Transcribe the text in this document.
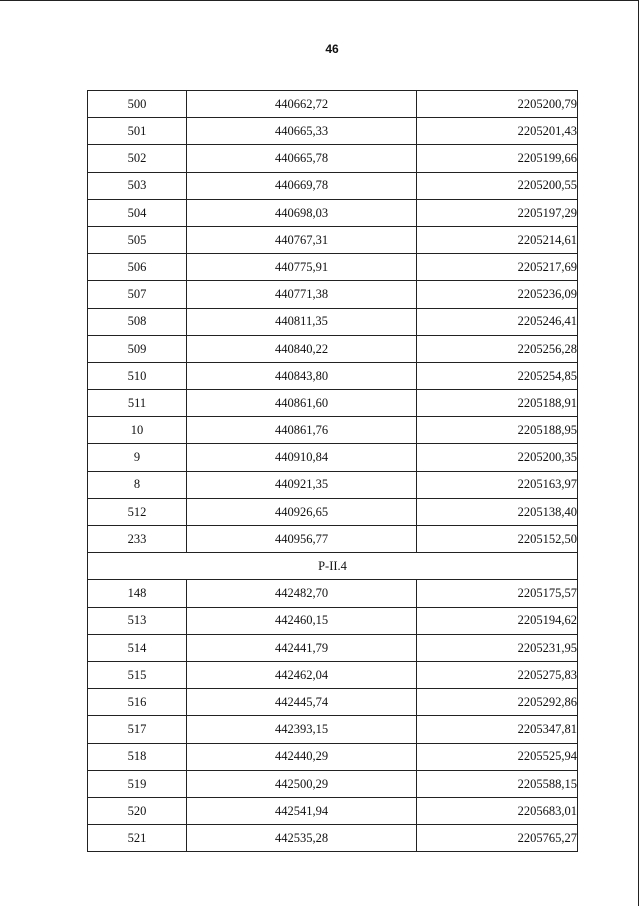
46
500	440662,72	2205200,79
501	440665,33	2205201,43
502	440665,78	2205199,66
503	440669,78	2205200,55
504	440698,03	2205197,29
505	440767,31	2205214,61
506	440775,91	2205217,69
507	440771,38	2205236,09
508	440811,35	2205246,41
509	440840,22	2205256,28
510	440843,80	2205254,85
511	440861,60	2205188,91
10	440861,76	2205188,95
9	440910,84	2205200,35
8	440921,35	2205163,97
512	440926,65	2205138,40
233	440956,77	2205152,50
Р-II.4		
148	442482,70	2205175,57
513	442460,15	2205194,62
514	442441,79	2205231,95
515	442462,04	2205275,83
516	442445,74	2205292,86
517	442393,15	2205347,81
518	442440,29	2205525,94
519	442500,29	2205588,15
520	442541,94	2205683,01
521	442535,28	2205765,27
